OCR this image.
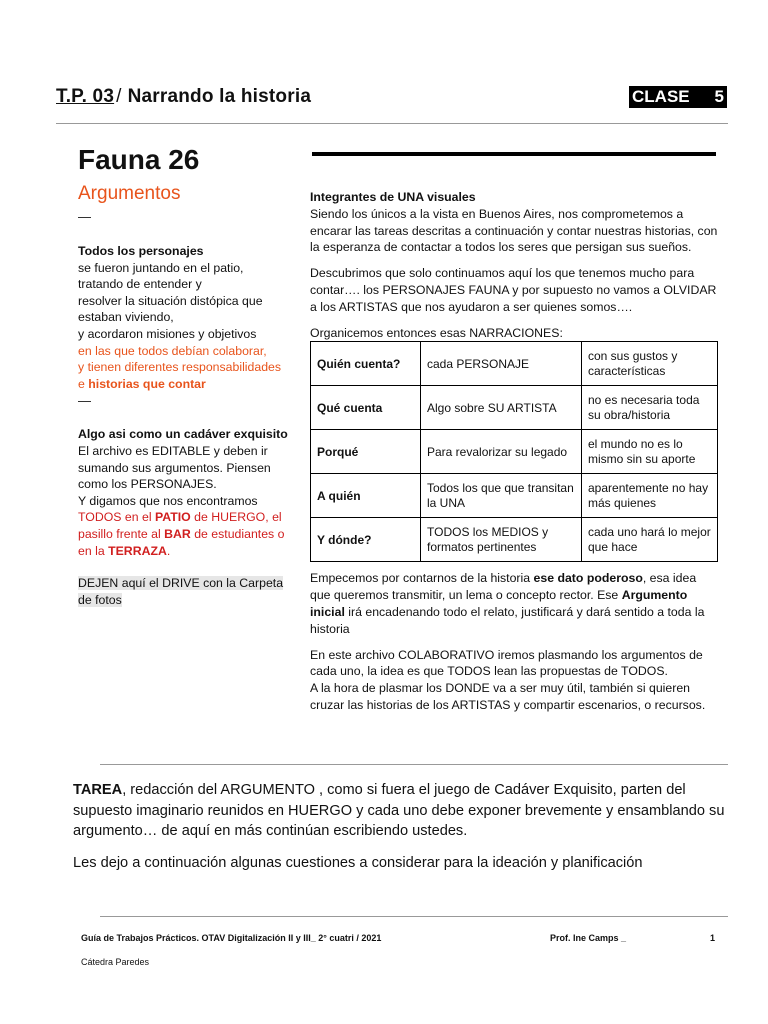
T.P. 03 / Narrando la historia	CLASE 5
Fauna 26
Argumentos
—

Todos los personajes

se fueron juntando en el patio,

tratando de entender y

resolver la situación distópica que estaban viviendo,

y acordaron misiones y objetivos

en las que todos debían colaborar,

y tienen diferentes responsabilidades

e historias que contar

—

Algo asi como un cadáver exquisito

El archivo es EDITABLE y deben ir sumando sus argumentos. Piensen como los PERSONAJES.

Y digamos que nos encontramos

TODOS en el PATIO de HUERGO, el pasillo frente al BAR de estudiantes o en la TERRAZA.

DEJEN aquí el DRIVE con la Carpeta de fotos

Integrantes de UNA visuales

Siendo los únicos a la vista en Buenos Aires, nos comprometemos a encarar las tareas descritas a continuación y contar nuestras historias, con la esperanza de contactar a todos los seres que persigan sus sueños.

Descubrimos que solo continuamos aquí los que tenemos mucho para contar…. los PERSONAJES FAUNA y por supuesto no vamos a OLVIDAR a los ARTISTAS que nos ayudaron a ser quienes somos….

Organicemos entonces esas NARRACIONES:

Quién cuenta?	cada PERSONAJE	con sus gustos y características
Qué cuenta	Algo sobre SU ARTISTA	no es necesaria toda su obra/historia
Porqué	Para revalorizar su legado	el mundo no es lo mismo sin su aporte
A quién	Todos los que que transitan la UNA	aparentemente no hay más quienes
Y dónde?	TODOS los MEDIOS y formatos pertinentes	cada uno hará lo mejor que hace

Empecemos por contarnos de la historia ese dato poderoso, esa idea que queremos transmitir, un lema o concepto rector. Ese Argumento inicial irá encadenando todo el relato, justificará y dará sentido a toda la historia

En este archivo COLABORATIVO iremos plasmando los argumentos de cada uno, la idea es que TODOS lean las propuestas de TODOS.
A la hora de plasmar los DONDE va a ser muy útil, también si quieren cruzar las historias de los ARTISTAS y compartir escenarios, o recursos.

TAREA, redacción del ARGUMENTO , como si fuera el juego de Cadáver Exquisito, parten del supuesto imaginario reunidos en HUERGO y cada uno debe exponer brevemente y ensamblando su argumento… de aquí en más continúan escribiendo ustedes.

Les dejo a continuación algunas cuestiones a considerar para la ideación y planificación

Guía de Trabajos Prácticos. OTAV Digitalización II y III_ 2° cuatri / 2021	Prof. Ine Camps _	1
Cátedra Paredes
